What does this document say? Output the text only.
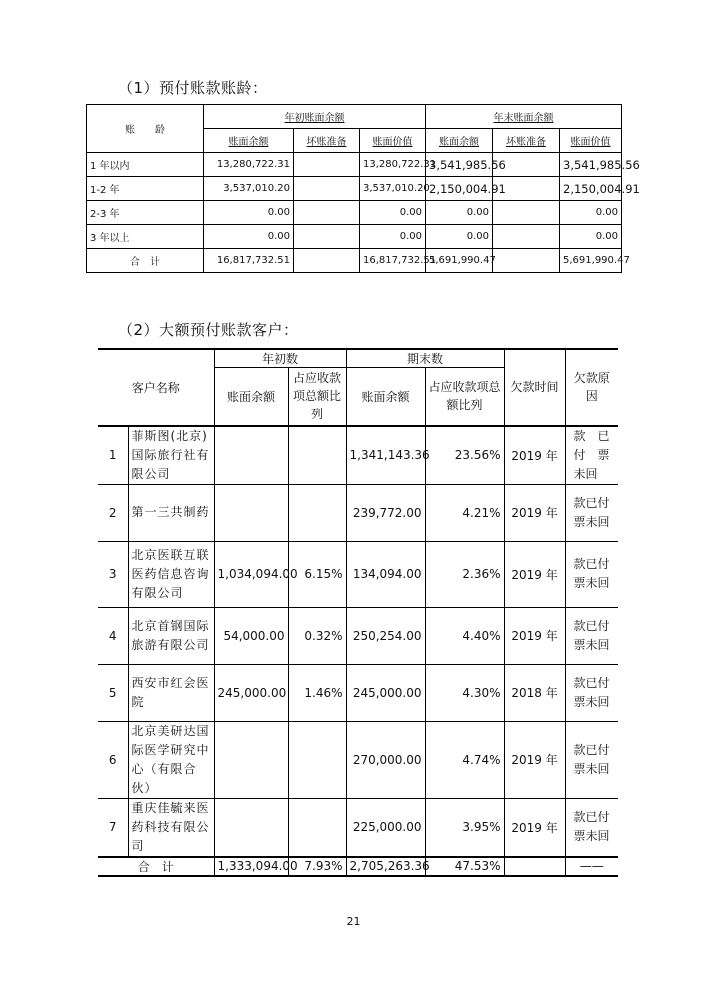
（1）预付账款账龄：
账　　龄	年初账面余额			年末账面余额		
	账面余额	坏账准备	账面价值	账面余额	坏账准备	账面价值
1 年以内	13,280,722.31		13,280,722.31	3,541,985.56		3,541,985.56
1-2 年	3,537,010.20		3,537,010.20	2,150,004.91		2,150,004.91
2-3 年	0.00		0.00	0.00		0.00
3 年以上	0.00		0.00	0.00		0.00
合　计	16,817,732.51		16,817,732.51	5,691,990.47		5,691,990.47
（2）大额预付账款客户：
客户名称		年初数		期末数		欠款时间	欠款原因
		账面余额	占应收款项总额比列	账面余额	占应收款项总额比列		
1	菲斯图(北京)国际旅行社有限公司			1,341,143.36	23.56%	2019 年	款　已付　票未回
2	第一三共制药			239,772.00	4.21%	2019 年	款已付票未回
3	北京医联互联医药信息咨询有限公司	1,034,094.00	6.15%	134,094.00	2.36%	2019 年	款已付票未回
4	北京首钢国际旅游有限公司	54,000.00	0.32%	250,254.00	4.40%	2019 年	款已付票未回
5	西安市红会医院	245,000.00	1.46%	245,000.00	4.30%	2018 年	款已付票未回
6	北京美研达国际医学研究中心（有限合伙）			270,000.00	4.74%	2019 年	款已付票未回
7	重庆佳毓来医药科技有限公司			225,000.00	3.95%	2019 年	款已付票未回
合　计		1,333,094.00	7.93%	2,705,263.36	47.53%		——
21
